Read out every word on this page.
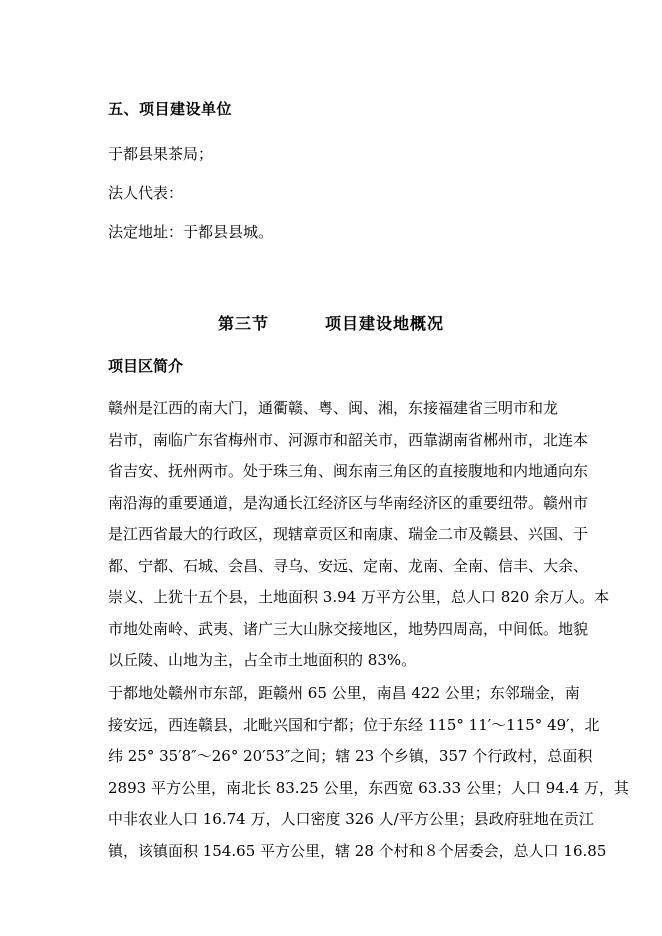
五、项目建设单位
于都县果茶局；
法人代表：
法定地址：于都县县城。
第三节	项目建设地概况
项目区简介
赣州是江西的南大门，通衢赣、粤、闽、湘，东接福建省三明市和龙
岩市，南临广东省梅州市、河源市和韶关市，西靠湖南省郴州市，北连本
省吉安、抚州两市。处于珠三角、闽东南三角区的直接腹地和内地通向东
南沿海的重要通道，是沟通长江经济区与华南经济区的重要纽带。赣州市
是江西省最大的行政区，现辖章贡区和南康、瑞金二市及赣县、兴国、于
都、宁都、石城、会昌、寻乌、安远、定南、龙南、全南、信丰、大余、
崇义、上犹十五个县，土地面积 3.94 万平方公里，总人口 820 余万人。本
市地处南岭、武夷、诸广三大山脉交接地区，地势四周高，中间低。地貌
以丘陵、山地为主，占全市土地面积的 83%。
于都地处赣州市东部，距赣州 65 公里，南昌 422 公里；东邻瑞金，南
接安远，西连赣县，北毗兴国和宁都；位于东经 115° 11′～115° 49′，北
纬 25° 35′8″～26° 20′53″之间；辖 23 个乡镇，357 个行政村，总面积
2893 平方公里，南北长 83.25 公里，东西宽 63.33 公里；人口 94.4 万，其
中非农业人口 16.74 万，人口密度 326 人/平方公里；县政府驻地在贡江
镇，该镇面积 154.65 平方公里，辖 28 个村和８个居委会，总人口 16.85
